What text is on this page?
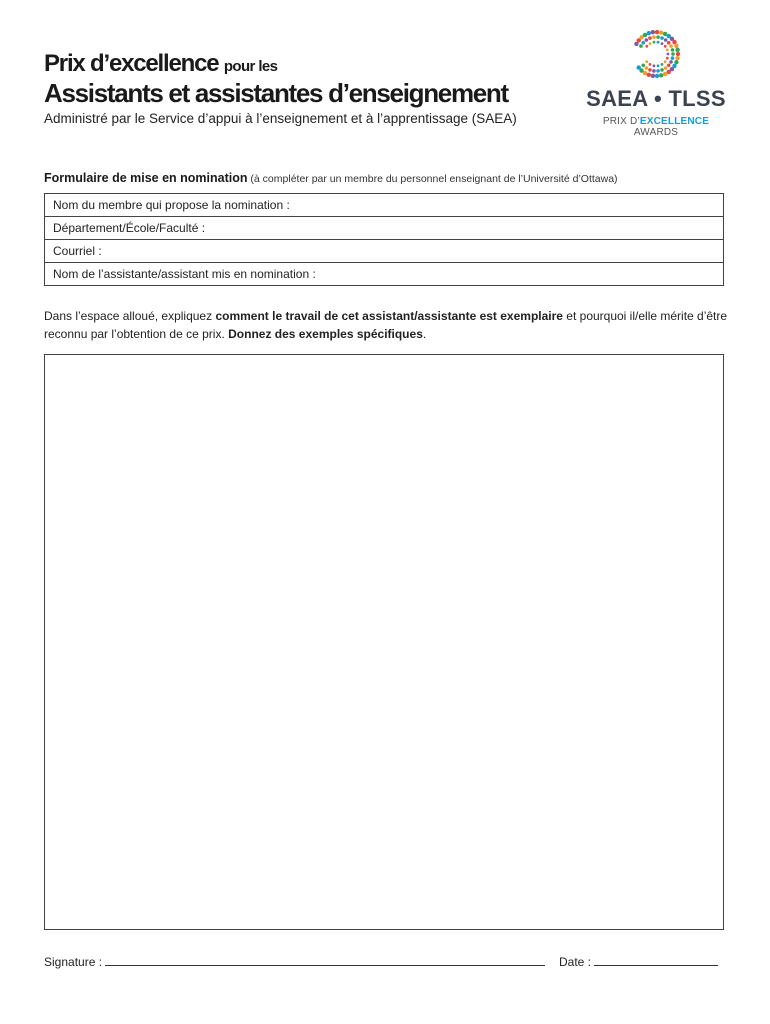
Prix d’excellence pour les
Assistants et assistantes d’enseignement
Administré par le Service d’appui à l’enseignement et à l’apprentissage (SAEA)
SAEA • TLSS
PRIX D’EXCELLENCE AWARDS
Formulaire de mise en nomination (à compléter par un membre du personnel enseignant de l’Université d’Ottawa)
Nom du membre qui propose la nomination :
Département/École/Faculté :
Courriel :
Nom de l’assistante/assistant mis en nomination :
Dans l’espace alloué, expliquez comment le travail de cet assistant/assistante est exemplaire et pourquoi il/elle mérite d’être reconnu par l’obtention de ce prix. Donnez des exemples spécifiques.
Signature :	Date :
